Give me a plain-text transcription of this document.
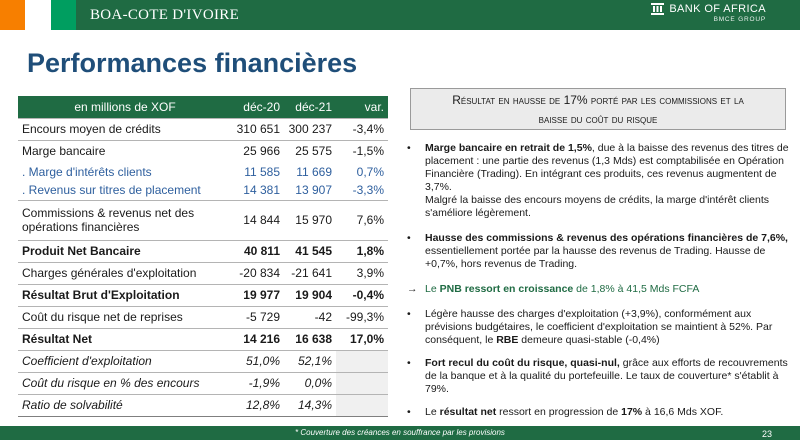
BOA-COTE D'IVOIRE	BANK OF AFRICA
BMCE GROUP
Performances financières
en millions de XOF	déc-20	déc-21	var.
Encours moyen de crédits	310 651	300 237	-3,4%
Marge bancaire	25 966	25 575	-1,5%
. Marge d'intérêts clients	11 585	11 669	0,7%
. Revenus sur titres de placement	14 381	13 907	-3,3%
Commissions & revenus net des opérations financières	14 844	15 970	7,6%
Produit Net Bancaire	40 811	41 545	1,8%
Charges générales d'exploitation	-20 834	-21 641	3,9%
Résultat Brut d'Exploitation	19 977	19 904	-0,4%
Coût du risque net de reprises	-5 729	-42	-99,3%
Résultat Net	14 216	16 638	17,0%
Coefficient d'exploitation	51,0%	52,1%	
Coût du risque en % des encours	-1,9%	0,0%	
Ratio de solvabilité	12,8%	14,3%	
Résultat en hausse de 17% porté par les commissions et la
baisse du coût du risque
• Marge bancaire en retrait de 1,5%, due à la baisse des revenus des titres de placement : une partie des revenus (1,3 Mds) est comptabilisée en Opération Financière (Trading). En intégrant ces produits, ces revenus augmentent de 3,7%.
Malgré la baisse des encours moyens de crédits, la marge d'intérêt clients s'améliore légèrement.
• Hausse des commissions & revenus des opérations financières de 7,6%, essentiellement portée par la hausse des revenus de Trading. Hausse de +0,7%, hors revenus de Trading.
→ Le PNB ressort en croissance de 1,8% à 41,5 Mds FCFA
• Légère hausse des charges d'exploitation (+3,9%), conformément aux prévisions budgétaires, le coefficient d'exploitation se maintient à 52%. Par conséquent, le RBE demeure quasi-stable (-0,4%)
• Fort recul du coût du risque, quasi-nul, grâce aux efforts de recouvrements de la banque et à la qualité du portefeuille. Le taux de couverture* s'établit à 79%.
• Le résultat net ressort en progression de 17% à 16,6 Mds XOF.
* Couverture des créances en souffrance par les provisions	23
